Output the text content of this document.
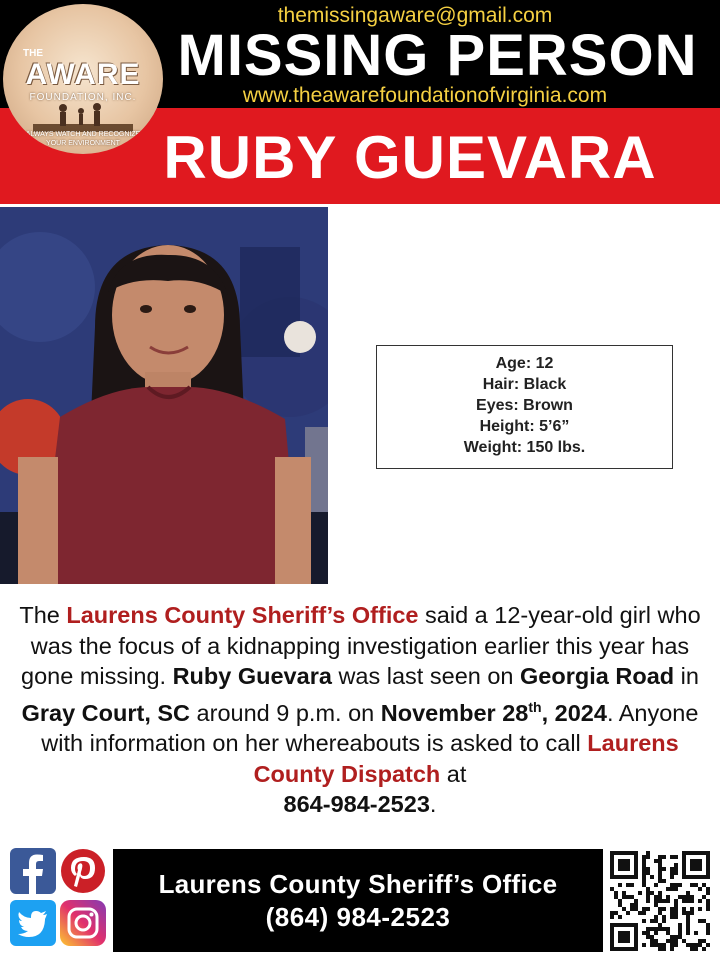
themissingaware@gmail.com
MISSING PERSON
www.theawarefoundationofvirginia.com
RUBY GUEVARA
THE
AWARE
FOUNDATION, INC.
ALWAYS WATCH AND RECOGNIZE
YOUR ENVIRONMENT
Age: 12
Hair: Black
Eyes: Brown
Height: 5’6”
Weight: 150 lbs.
The Laurens County Sheriff’s Office said a 12-year-old girl who was the focus of a kidnapping investigation earlier this year has gone missing. Ruby Guevara was last seen on Georgia Road in Gray Court, SC around 9 p.m. on November 28th, 2024. Anyone with information on her whereabouts is asked to call Laurens County Dispatch at
864-984-2523.
Laurens County Sheriff’s Office
(864) 984-2523
